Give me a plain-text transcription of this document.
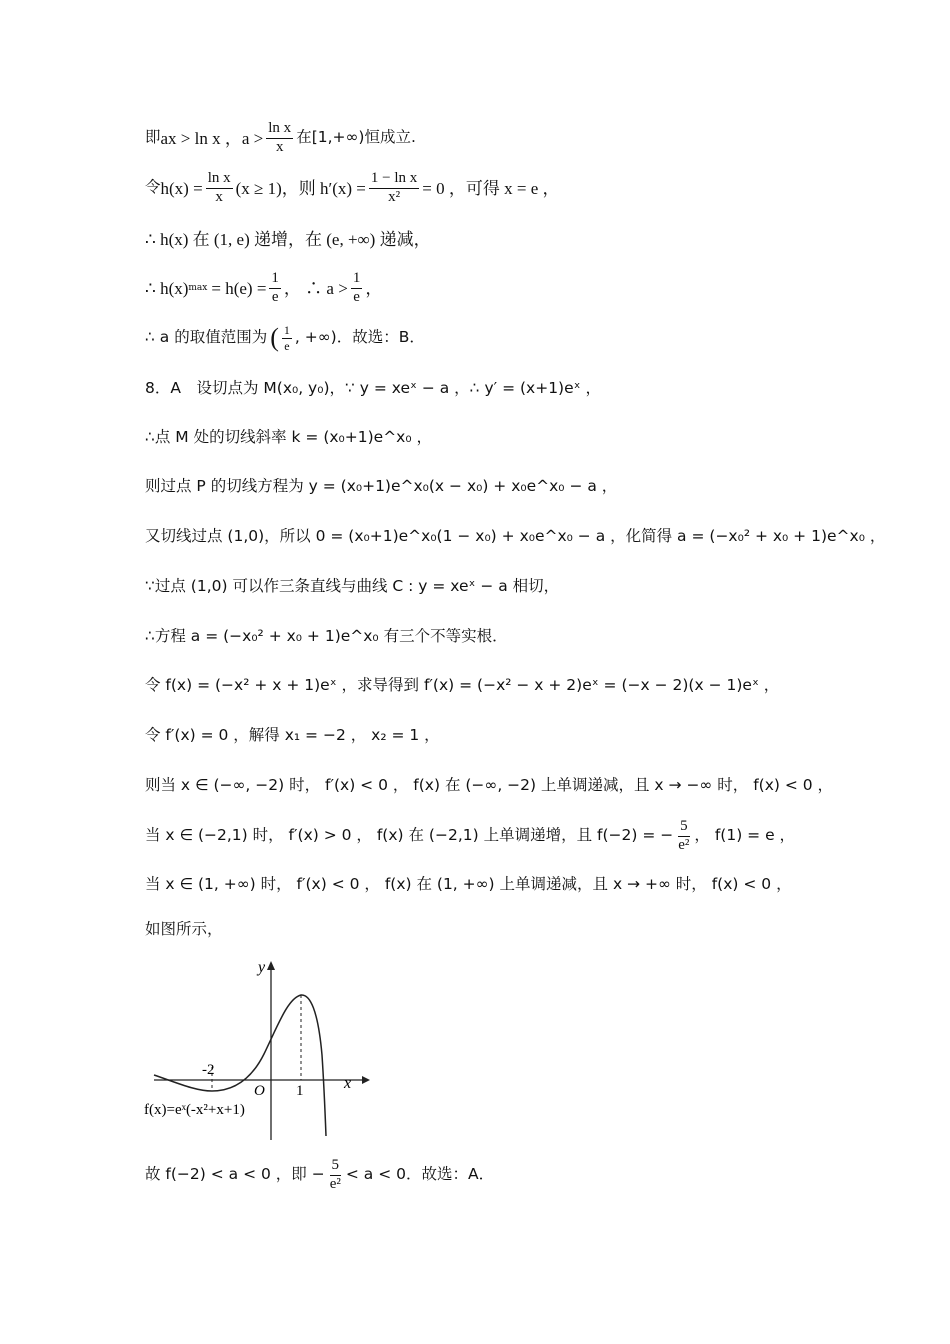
即 ax > ln x ，$a > \frac{\text{ln x}}{x}$ 在[1,+∞)恒成立.
令 $h(x) = \frac{\text{ln x}}{x} (x \ge 1)$，则 $h'(x) = \frac{\text{1 − ln x}}{\text{x²}} = 0$ ，可得 x = e ，
∴ h(x) 在 (1, e) 递增，在 (e, +∞) 递减，
∴ h(x) $\max = h(e) = \frac{1}{e}$ ， ∴ $a > \frac{1}{e}$ ，
∴ a 的取值范围为 ( $\frac{1}{e}$ , +∞)．故选：B．
8．A　设切点为 M(x₀, y₀)，∵ y = xeˣ − a ，∴ y′ = (x+1)eˣ ，
∴点 M 处的切线斜率 k = (x₀+1)e^x₀ ，
则过点 P 的切线方程为 y = (x₀+1)e^x₀(x − x₀) + x₀e^x₀ − a ，
又切线过点 (1,0)，所以 0 = (x₀+1)e^x₀(1 − x₀) + x₀e^x₀ − a ，化简得 a = (−x₀² + x₀ + 1)e^x₀ ，
∵过点 (1,0) 可以作三条直线与曲线 C : y = xeˣ − a 相切，
∴方程 a = (−x₀² + x₀ + 1)e^x₀ 有三个不等实根．
令 f(x) = (−x² + x + 1)eˣ ，求导得到 f′(x) = (−x² − x + 2)eˣ = (−x − 2)(x − 1)eˣ ，
令 f′(x) = 0 ，解得 x₁ = −2 ， x₂ = 1 ，
则当 x ∈ (−∞, −2) 时， f′(x) < 0 ， f(x) 在 (−∞, −2) 上单调递减，且 x → −∞ 时， f(x) < 0 ，
当 x ∈ (−2,1) 时， f′(x) > 0 ， f(x) 在 (−2,1) 上单调递增，且 f(−2) = − $\frac{5}{\text{e²}}$ ， f(1) = e ，
当 x ∈ (1, +∞) 时， f′(x) < 0 ， f(x) 在 (1, +∞) 上单调递减，且 x → +∞ 时， f(x) < 0 ，
如图所示，
y
x
O
-2
1
f(x)=eˣ(-x²+x+1)
故 f(−2) < a < 0 ，即 − $\frac{5}{\text{e²}} < a < 0$．故选：A．
